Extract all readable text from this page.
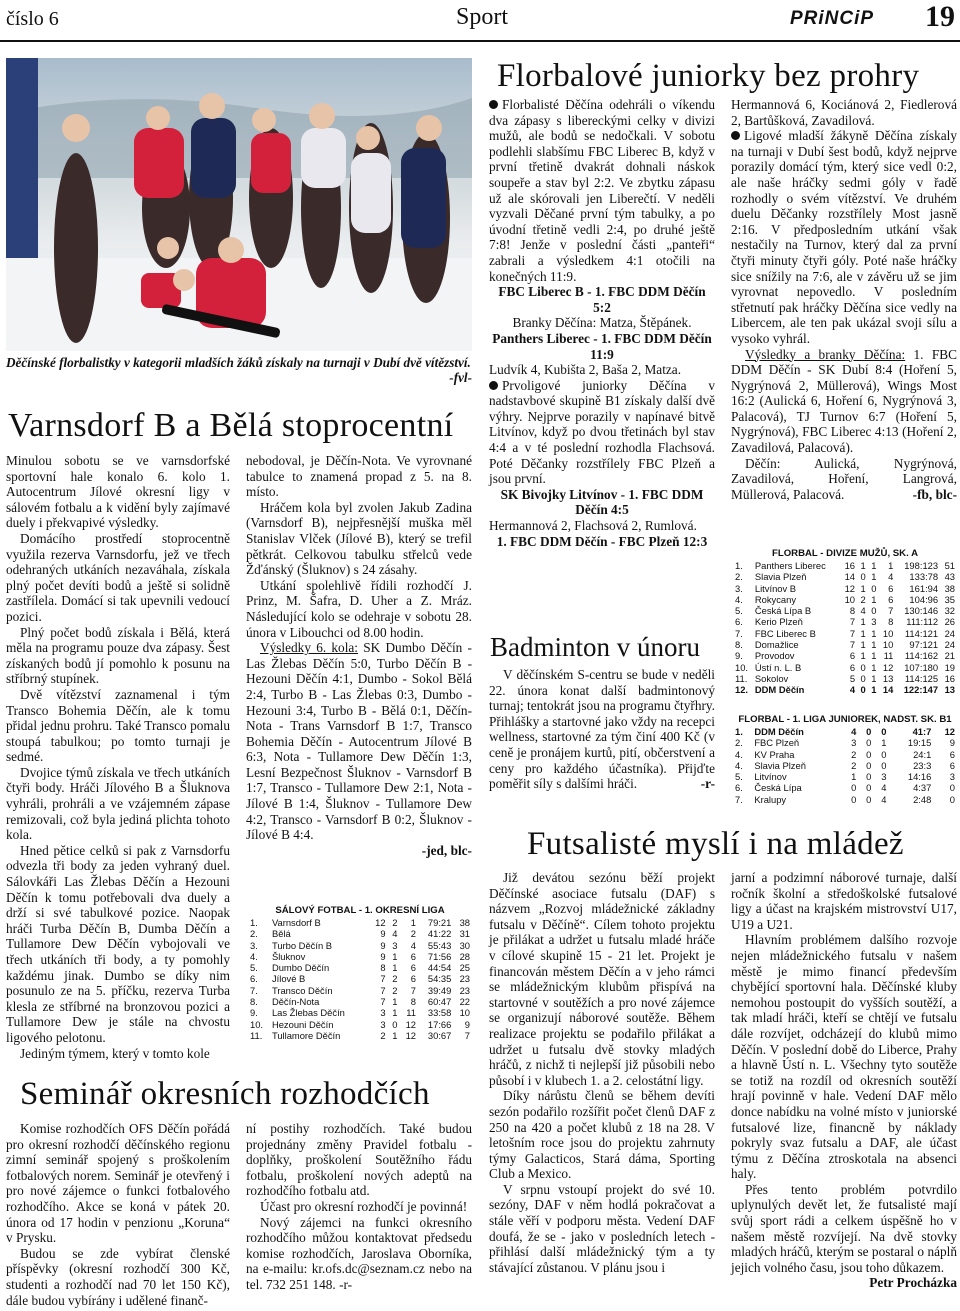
číslo 6	Sport	PRiNCiP 19
Děčínské florbalistky v kategorii mladších žáků získaly na turnaji v Dubí dvě vítězství.
-fvl-
Varnsdorf B a Bělá stoprocentní

Minulou sobotu se ve varnsdorfské sportovní hale konalo 6. kolo 1. Autocentrum Jílové okresní ligy v sálovém fotbalu a k vidění byly zajímavé duely i překvapivé výsledky.

Domácího prostředí stoprocentně využila rezerva Varnsdorfu, jež ve třech odehraných utkáních nezaváhala, získala plný počet devíti bodů a ještě si solidně zastřílela. Domácí si tak upevnili vedoucí pozici.

Plný počet bodů získala i Bělá, která měla na programu pouze dva zápasy. Šest získaných bodů jí pomohlo k posunu na stříbrný stupínek.

Dvě vítězství zaznamenal i tým Transco Bohemia Děčín, ale k tomu přidal jednu prohru. Také Transco pomalu stoupá tabulkou; po tomto turnaji je sedmé.

Dvojice týmů získala ve třech utkáních čtyři body. Hráči Jílového B a Šluknova vyhráli, prohráli a ve vzájemném zápase remizovali, což byla jediná plichta tohoto kola.

Hned pětice celků si pak z Varnsdorfu odvezla tři body za jeden vyhraný duel. Sálovkáři Las Žlebas Děčín a Hezouni Děčín k tomu potřebovali dva duely a drží si své tabulkové pozice. Naopak hráči Turba Děčín B, Dumba Děčín a Tullamore Dew Děčín vybojovali ve třech utkáních tři body, a ty pomohly každému jinak. Dumbo se díky nim posunulo ze na 5. příčku, rezerva Turba klesla ze stříbrné na bronzovou pozici a Tullamore Dew je stále na chvostu ligového pelotonu.

Jediným týmem, který v tomto kole

nebodoval, je Děčín-Nota. Ve vyrovnané tabulce to znamená propad z 5. na 8. místo.

Hráčem kola byl zvolen Jakub Zadina (Varnsdorf B), nejpřesnější muška měl Stanislav Vlček (Jílové B), který se trefil pětkrát. Celkovou tabulku střelců vede Žďánský (Šluknov) s 24 zásahy.

Utkání spolehlivě řídili rozhodčí J. Prinz, M. Šafra, D. Uher a Z. Mráz. Následující kolo se odehraje v sobotu 28. února v Libouchci od 8.00 hodin.

Výsledky 6. kola: SK Dumbo Děčín - Las Žlebas Děčín 5:0, Turbo Děčín B - Hezouni Děčín 4:1, Dumbo - Sokol Bělá 2:4, Turbo B - Las Žlebas 0:3, Dumbo - Hezouni 3:4, Turbo B - Bělá 0:1, Děčín-Nota - Trans Varnsdorf B 1:7, Transco Bohemia Děčín - Autocentrum Jílové B 6:3, Nota - Tullamore Dew Děčín 1:3, Lesní Bezpečnost Šluknov - Varnsdorf B 1:7, Transco - Tullamore Dew 2:1, Nota - Jílové B 1:4, Šluknov - Tullamore Dew 4:2, Transco - Varnsdorf B 0:2, Šluknov - Jílové B 4:4.

-jed, blc-

SÁLOVÝ FOTBAL - 1. OKRESNÍ LIGA
1.	Varnsdorf B	12	2	1	79:21	38
2.	Bělá	9	4	2	41:22	31
3.	Turbo Děčín B	9	3	4	55:43	30
4.	Šluknov	9	1	6	71:56	28
5.	Dumbo Děčín	8	1	6	44:54	25
6.	Jílové B	7	2	6	54:35	23
7.	Transco Děčín	7	2	7	39:49	23
8.	Děčín-Nota	7	1	8	60:47	22
9.	Las Žlebas Děčín	3	1	11	33:58	10
10.	Hezouni Děčín	3	0	12	17:66	9
11.	Tullamore Děčín	2	1	12	30:67	7
Florbalové juniorky bez prohry

Florbalisté Děčína odehráli o víkendu dva zápasy s libereckými celky v divizi mužů, ale bodů se nedočkali. V sobotu podlehli slabšímu FBC Liberec B, když v první třetině dvakrát dohnali náskok soupeře a stav byl 2:2. Ve zbytku zápasu už ale skórovali jen Liberečtí. V neděli vyzvali Děčané první tým tabulky, a po úvodní třetině vedli 2:4, po druhé ještě 7:8! Jenže v poslední části „panteři“ zabrali a výsledkem 4:1 otočili na konečných 11:9.

FBC Liberec B - 1. FBC DDM Děčín 5:2

Branky Děčína: Matza, Štěpánek.

Panthers Liberec - 1. FBC DDM Děčín 11:9

Ludvík 4, Kubišta 2, Baša 2, Matza.

Prvoligové juniorky Děčína v nadstavbové skupině B1 získaly další dvě výhry. Nejprve porazily v napínavé bitvě Litvínov, když po dvou třetinách byl stav 4:4 a v té poslední rozhodla Flachsová. Poté Děčanky rozstřílely FBC Plzeň a jsou první.

SK Bivojky Litvínov - 1. FBC DDM Děčín 4:5

Hermannová 2, Flachsová 2, Rumlová.

1. FBC DDM Děčín - FBC Plzeň 12:3

Hermannová 6, Kociánová 2, Fiedlerová 2, Bartůšková, Zavadilová.

Ligové mladší žákyně Děčína získaly na turnaji v Dubí šest bodů, když nejprve porazily domácí tým, který sice vedl 0:2, ale naše hráčky sedmi góly v řadě rozhodly o svém vítězství. Ve druhém duelu Děčanky rozstřílely Most jasně 2:16. V předposledním utkání však nestačily na Turnov, který dal za první čtyři minuty čtyři góly. Poté naše hráčky sice snížily na 7:6, ale v závěru už se jim vyrovnat nepovedlo. V posledním střetnutí pak hráčky Děčína sice vedly na Libercem, ale ten pak ukázal svoji sílu a vysoko vyhrál.

Výsledky a branky Děčína: 1. FBC DDM Děčín - SK Dubí 8:4 (Hoření 5, Nygrýnová 2, Müllerová), Wings Most 16:2 (Aulická 6, Hoření 6, Nygrýnová 3, Palacová), TJ Turnov 6:7 (Hoření 5, Nygrýnová), FBC Liberec 4:13 (Hoření 2, Zavadilová, Palacová).

Děčín: Aulická, Nygrýnová, Zavadilová, Hoření, Langrová, Müllerová, Palacová.	-fb, blc-

FLORBAL - DIVIZE MUŽŮ, SK. A
1.	Panthers Liberec	16	1	1	1	198:123	51
2.	Slavia Plzeň	14	0	1	4	133:78	43
3.	Litvínov B	12	1	0	6	161:94	38
4.	Rokycany	10	2	1	6	104:96	35
5.	Česká Lípa B	8	4	0	7	130:146	32
6.	Kerio Plzeň	7	1	3	8	111:112	26
7.	FBC Liberec B	7	1	1	10	114:121	24
8.	Domažlice	7	1	1	10	97:121	24
9.	Provodov	6	1	1	11	114:162	21
10.	Ústí n. L. B	6	0	1	12	107:180	19
11.	Sokolov	5	0	1	13	114:125	16
12.	DDM Děčín	4	0	1	14	122:147	13
FLORBAL - 1. LIGA JUNIOREK, NADST. SK. B1
1.	DDM Děčín	4	0	0	41:7	12
2.	FBC Plzeň	3	0	1	19:15	9
4.	KV Praha	2	0	0	24:1	6
4.	Slavia Plzeň	2	0	0	23:3	6
5.	Litvínov	1	0	3	14:16	3
6.	Česká Lípa	0	0	4	4:37	0
7.	Kralupy	0	0	4	2:48	0
Badminton v únoru

V děčínském S-centru se bude v neděli 22. února konat další badmintonový turnaj; tentokrát jsou na programu čtyřhry. Přihlášky a startovné jako vždy na recepci wellness, startovné za tým činí 400 Kč (v ceně je pronájem kurtů, pití, občerstvení a ceny pro každého účastníka). Přijďte poměřit síly s dalšími hráči.	-r-

Futsalisté myslí i na mládež

Již devátou sezónu běží projekt Děčínské asociace futsalu (DAF) s názvem „Rozvoj mládežnické základny futsalu v Děčíně“. Cílem tohoto projektu je přilákat a udržet u futsalu mladé hráče v cílové skupině 15 - 21 let. Projekt je financován městem Děčín a v jeho rámci se mládežnickým klubům přispívá na startovné v soutěžích a pro nové zájemce se organizují náborové soutěže. Během realizace projektu se podařilo přilákat a udržet u futsalu dvě stovky mladých hráčů, z nichž ti nejlepší již působili nebo působí i v klubech 1. a 2. celostátní ligy.

Díky nárůstu členů se během devíti sezón podařilo rozšířit počet členů DAF z 250 na 420 a počet klubů z 18 na 28. V letošním roce jsou do projektu zahrnuty týmy Galacticos, Stará dáma, Sporting Club a Mexico.

V srpnu vstoupí projekt do své 10. sezóny, DAF v něm hodlá pokračovat a stále věří v podporu města. Vedení DAF doufá, že se - jako v posledních letech - přihlásí další mládežnický tým a ty stávající zůstanou. V plánu jsou i

jarní a podzimní náborové turnaje, další ročník školní a středoškolské futsalové ligy a účast na krajském mistrovství U17, U19 a U21.

Hlavním problémem dalšího rozvoje nejen mládežnického futsalu v našem městě je mimo financí především chybějící sportovní hala. Děčínské kluby nemohou postoupit do vyšších soutěží, a tak mladí hráči, kteří se chtějí ve futsalu dále rozvíjet, odcházejí do klubů mimo Děčín. V poslední době do Liberce, Prahy a hlavně Ústí n. L. Všechny tyto soutěže se totiž na rozdíl od okresních soutěží hrají povinně v hale. Vedení DAF mělo donce nabídku na volné místo v juniorské futsalové lize, financně by náklady pokryly svaz futsalu a DAF, ale účast týmu z Děčína ztroskotala na absenci haly.

Přes tento problém potvrdilo uplynulých devět let, že futsalisté mají svůj sport rádi a celkem úspěšně ho v našem městě rozvíjejí. Na dvě stovky mladých hráčů, kterým se postaral o náplň jejich volného času, jsou toho důkazem.

Petr Procházka

Seminář okresních rozhodčích

Komise rozhodčích OFS Děčín pořádá pro okresní rozhodčí děčínského regionu zimní seminář spojený s proškolením fotbalových norem. Seminář je otevřený i pro nové zájemce o funkci fotbalového rozhodčího. Akce se koná v pátek 20. února od 17 hodin v penzionu „Koruna“ v Prysku.

Budou se zde vybírat členské příspěvky (okresní rozhodčí 300 Kč, studenti a rozhodčí nad 70 let 150 Kč), dále budou vybírány i udělené finanč-

ní postihy rozhodčích. Také budou projednány změny Pravidel fotbalu - doplňky, proškolení Soutěžního řádu fotbalu, proškolení nových adeptů na rozhodčího fotbalu atd.

Účast pro okresní rozhodčí je povinná!

Nový zájemci na funkci okresního rozhodčího můžou kontaktovat předsedu komise rozhodčích, Jaroslava Oborníka, na e-mailu: kr.ofs.dc@seznam.cz nebo na tel. 732 251 148. -r-
